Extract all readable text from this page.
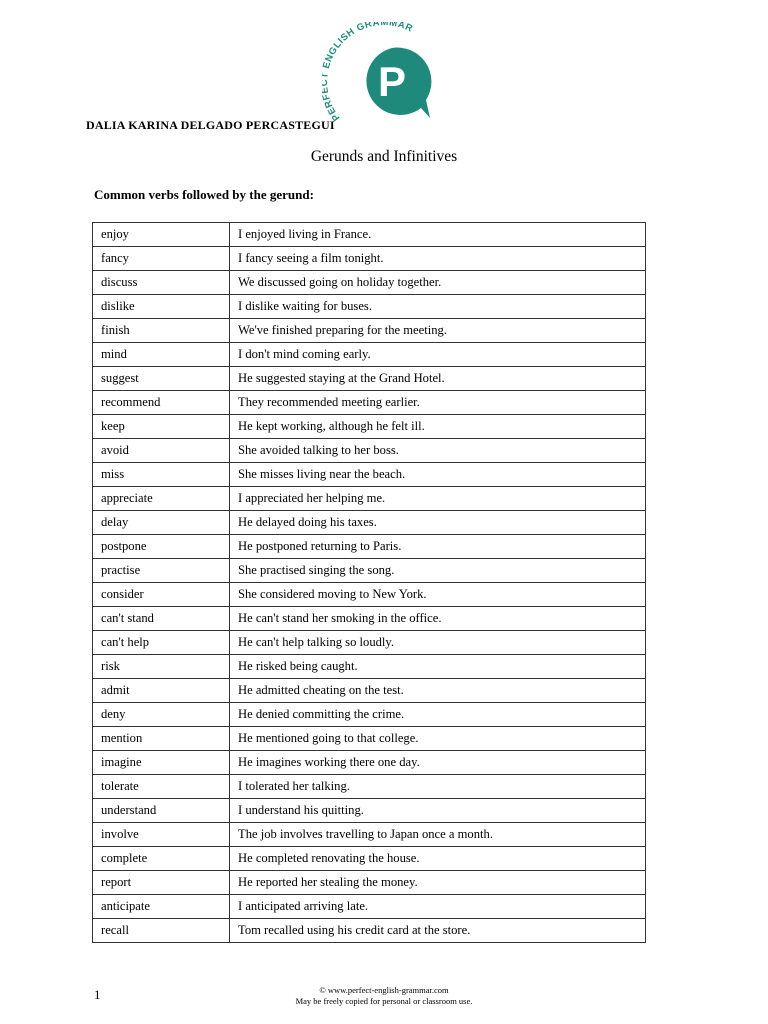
PER ENGLISH GRAMMAR
P
DALIA KARINA DELGADO PERCASTEGUI
Gerunds and Infinitives
Common verbs followed by the gerund:
enjoy	I enjoyed living in France.
fancy	I fancy seeing a film tonight.
discuss	We discussed going on holiday together.
dislike	I dislike waiting for buses.
finish	We've finished preparing for the meeting.
mind	I don't mind coming early.
suggest	He suggested staying at the Grand Hotel.
recommend	They recommended meeting earlier.
keep	He kept working, although he felt ill.
avoid	She avoided talking to her boss.
miss	She misses living near the beach.
appreciate	I appreciated her helping me.
delay	He delayed doing his taxes.
postpone	He postponed returning to Paris.
practise	She practised singing the song.
consider	She considered moving to New York.
can't stand	He can't stand her smoking in the office.
can't help	He can't help talking so loudly.
risk	He risked being caught.
admit	He admitted cheating on the test.
deny	He denied committing the crime.
mention	He mentioned going to that college.
imagine	He imagines working there one day.
tolerate	I tolerated her talking.
understand	I understand his quitting.
involve	The job involves travelling to Japan once a month.
complete	He completed renovating the house.
report	He reported her stealing the money.
anticipate	I anticipated arriving late.
recall	Tom recalled using his credit card at the store.
1	© www.perfect-english-grammar.com
May be freely copied for personal or classroom use.
